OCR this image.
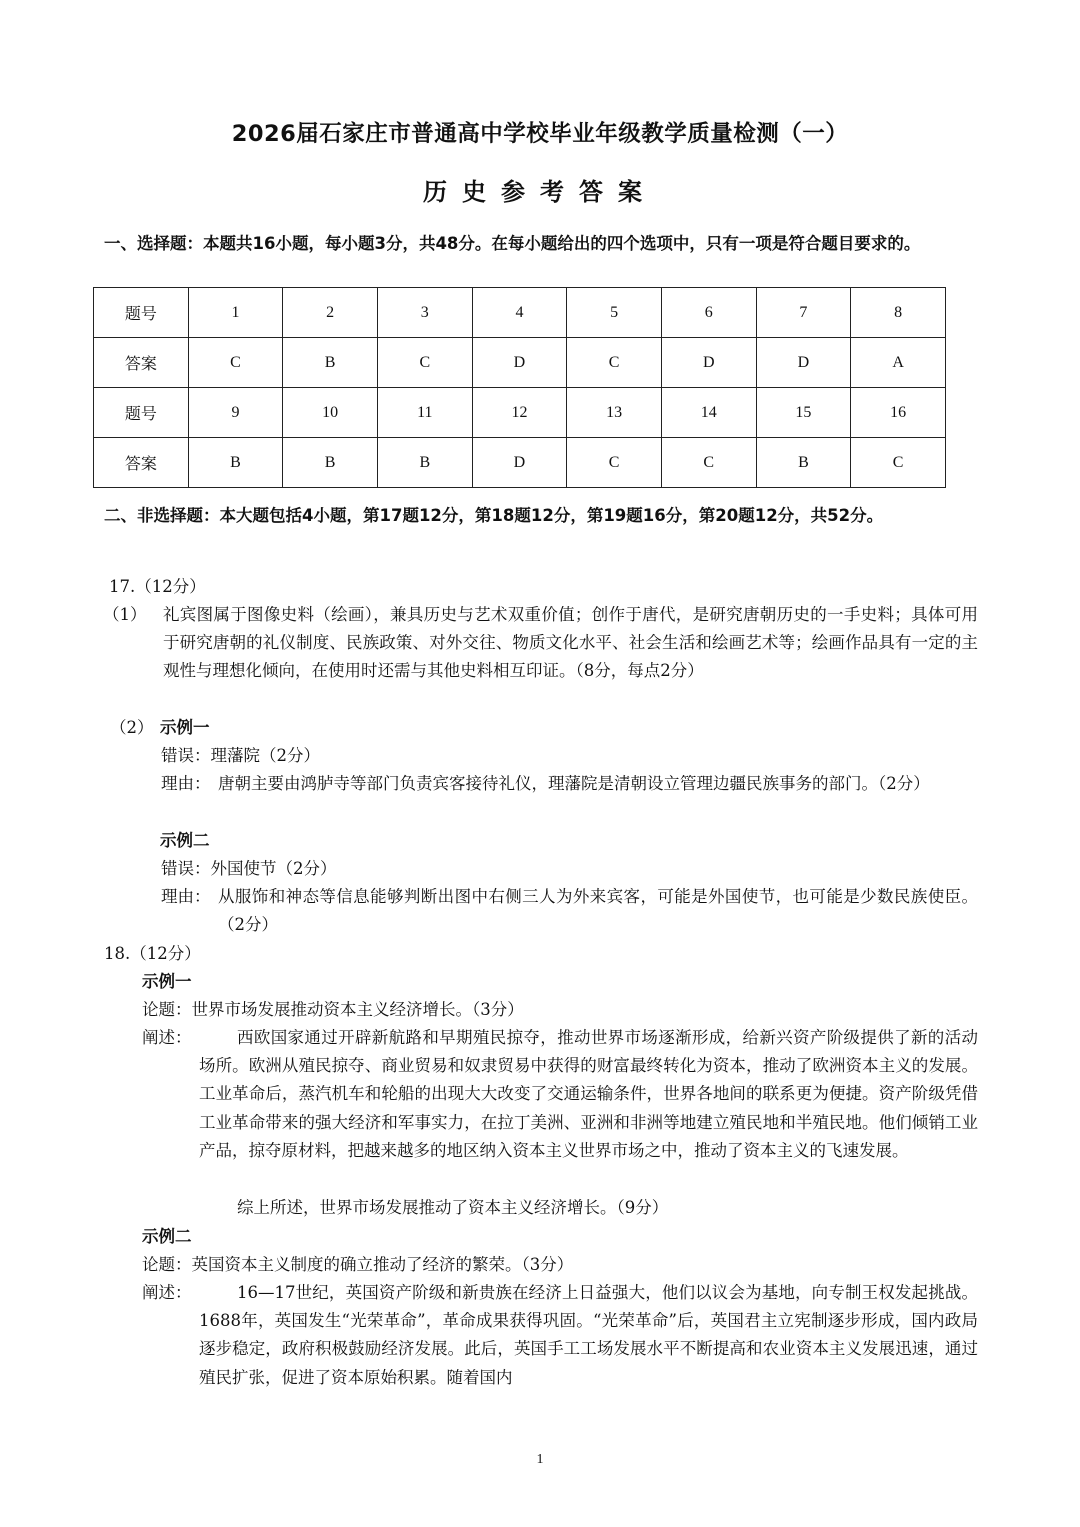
2026届石家庄市普通高中学校毕业年级教学质量检测（一）
历史参考答案
一、选择题：本题共16小题，每小题3分，共48分。在每小题给出的四个选项中，只有一项是符合题目要求的。
题号	1	2	3	4	5	6	7	8
答案	C	B	C	D	C	D	D	A
题号	9	10	11	12	13	14	15	16
答案	B	B	B	D	C	C	B	C
二、非选择题：本大题包括4小题，第17题12分，第18题12分，第19题16分，第20题12分，共52分。
17.（12分）
（1） 礼宾图属于图像史料（绘画），兼具历史与艺术双重价值；创作于唐代，是研究唐朝历史的一手史料；具体可用于研究唐朝的礼仪制度、民族政策、对外交往、物质文化水平、社会生活和绘画艺术等；绘画作品具有一定的主观性与理想化倾向，在使用时还需与其他史料相互印证。（8分，每点2分）
（2） 示例一
错误：理藩院（2分）
理由： 唐朝主要由鸿胪寺等部门负责宾客接待礼仪，理藩院是清朝设立管理边疆民族事务的部门。（2分）
示例二
错误：外国使节（2分）
理由： 从服饰和神态等信息能够判断出图中右侧三人为外来宾客，可能是外国使节，也可能是少数民族使臣。（2分）
18.（12分）
示例一
论题：世界市场发展推动资本主义经济增长。（3分）
阐述：	西欧国家通过开辟新航路和早期殖民掠夺，推动世界市场逐渐形成，给新兴资产阶级提供了新的活动场所。欧洲从殖民掠夺、商业贸易和奴隶贸易中获得的财富最终转化为资本，推动了欧洲资本主义的发展。工业革命后，蒸汽机车和轮船的出现大大改变了交通运输条件，世界各地间的联系更为便捷。资产阶级凭借工业革命带来的强大经济和军事实力，在拉丁美洲、亚洲和非洲等地建立殖民地和半殖民地。他们倾销工业产品，掠夺原材料，把越来越多的地区纳入资本主义世界市场之中，推动了资本主义的飞速发展。
综上所述，世界市场发展推动了资本主义经济增长。（9分）
示例二
论题：英国资本主义制度的确立推动了经济的繁荣。（3分）
阐述：	16—17世纪，英国资产阶级和新贵族在经济上日益强大，他们以议会为基地，向专制王权发起挑战。1688年，英国发生“光荣革命”，革命成果获得巩固。“光荣革命”后，英国君主立宪制逐步形成，国内政局逐步稳定，政府积极鼓励经济发展。此后，英国手工工场发展水平不断提高和农业资本主义发展迅速，通过殖民扩张，促进了资本原始积累。随着国内
1
